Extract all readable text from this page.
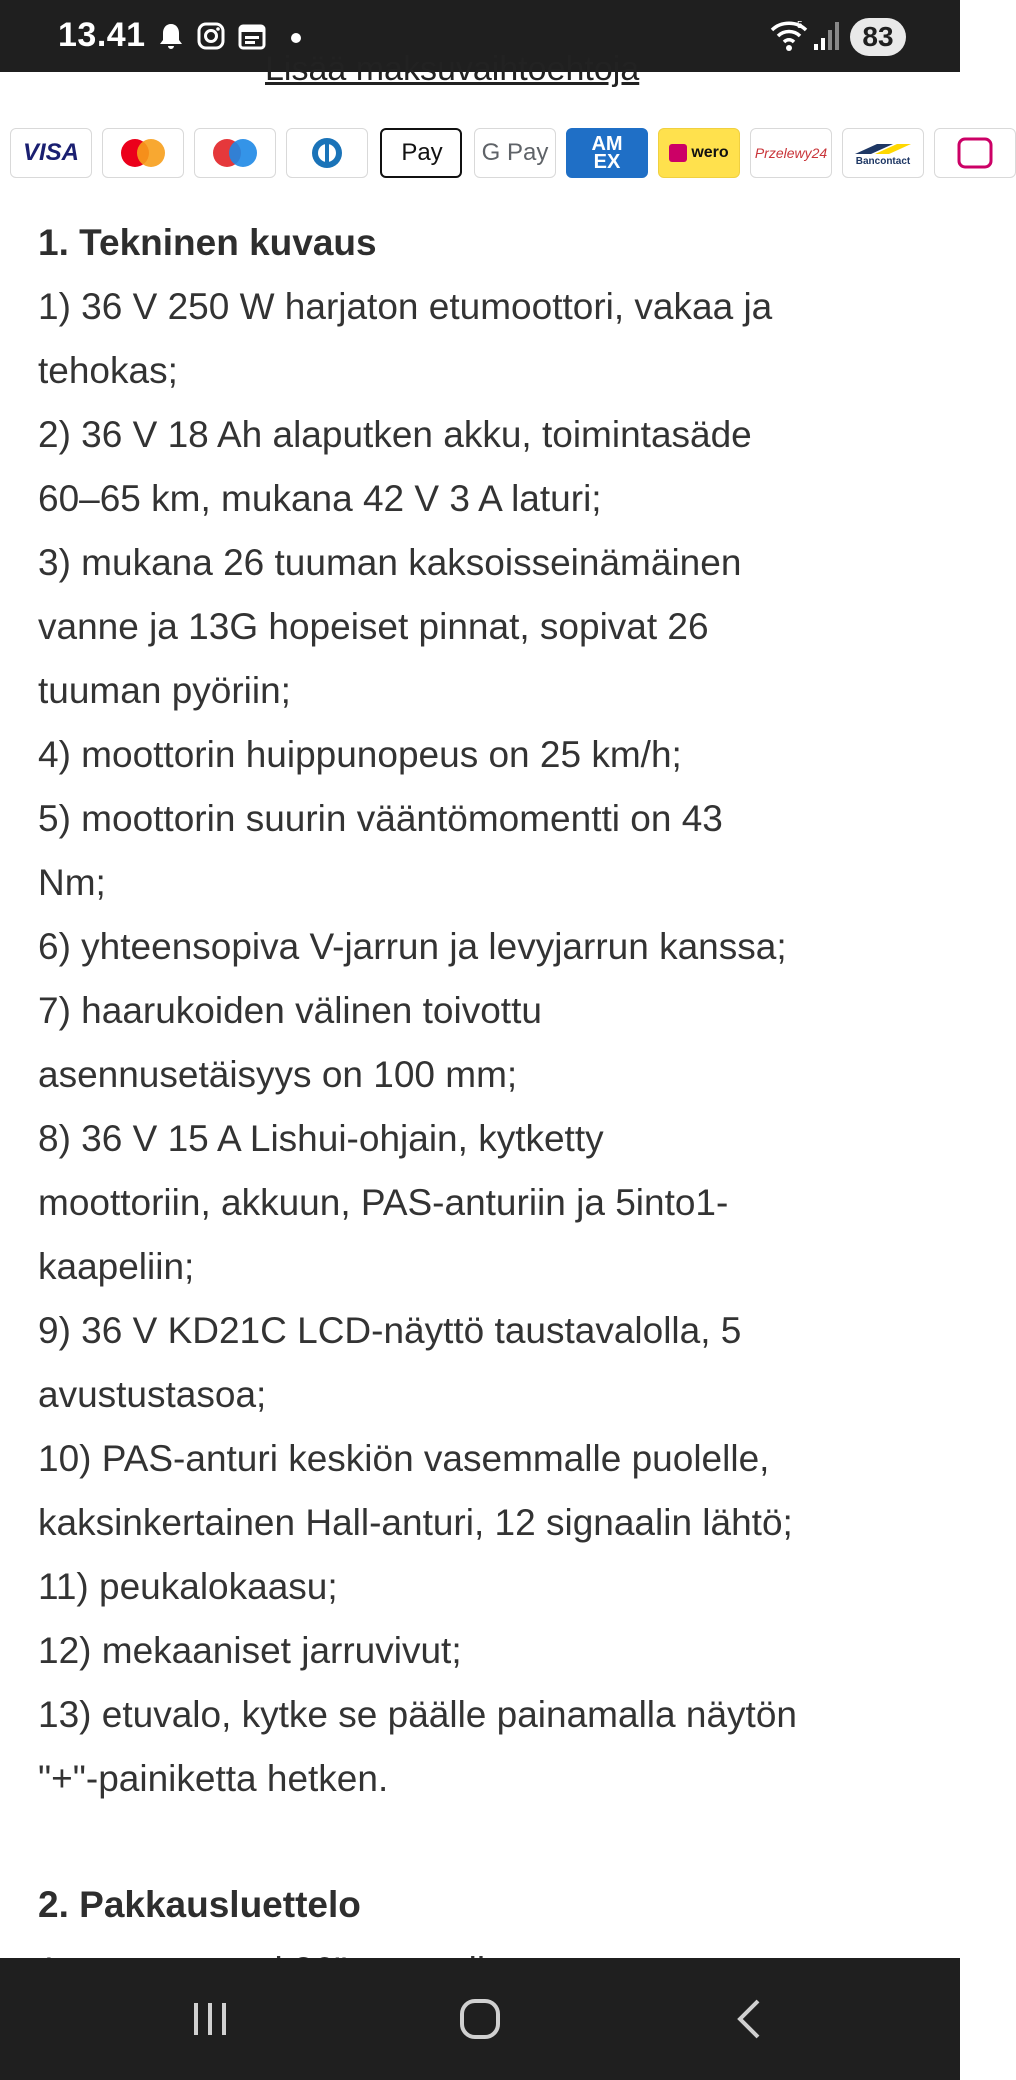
13.41	5	83
Lisää maksuvaihtoehtoja
VISA	Pay G Pay AM EX	wero Przelewy24	Bancontact
1. Tekninen kuvaus
1) 36 V 250 W harjaton etumoottori, vakaa ja
tehokas;
2) 36 V 18 Ah alaputken akku, toimintasäde
60–65 km, mukana 42 V 3 A laturi;
3) mukana 26 tuuman kaksoisseinämäinen
vanne ja 13G hopeiset pinnat, sopivat 26
tuuman pyöriin;
4) moottorin huippunopeus on 25 km/h;
5) moottorin suurin vääntömomentti on 43
Nm;
6) yhteensopiva V-jarrun ja levyjarrun kanssa;
7) haarukoiden välinen toivottu
asennusetäisyys on 100 mm;
8) 36 V 15 A Lishui-ohjain, kytketty
moottoriin, akkuun, PAS-anturiin ja 5into1-
kaapeliin;
9) 36 V KD21C LCD-näyttö taustavalolla, 5
avustustasoa;
10) PAS-anturi keskiön vasemmalle puolelle,
kaksinkertainen Hall-anturi, 12 signaalin lähtö;
11) peukalokaasu;
12) mekaaniset jarruvivut;
13) etuvalo, kytke se päälle painamalla näytön
"+"-painiketta hetken.
2. Pakkausluettelo
